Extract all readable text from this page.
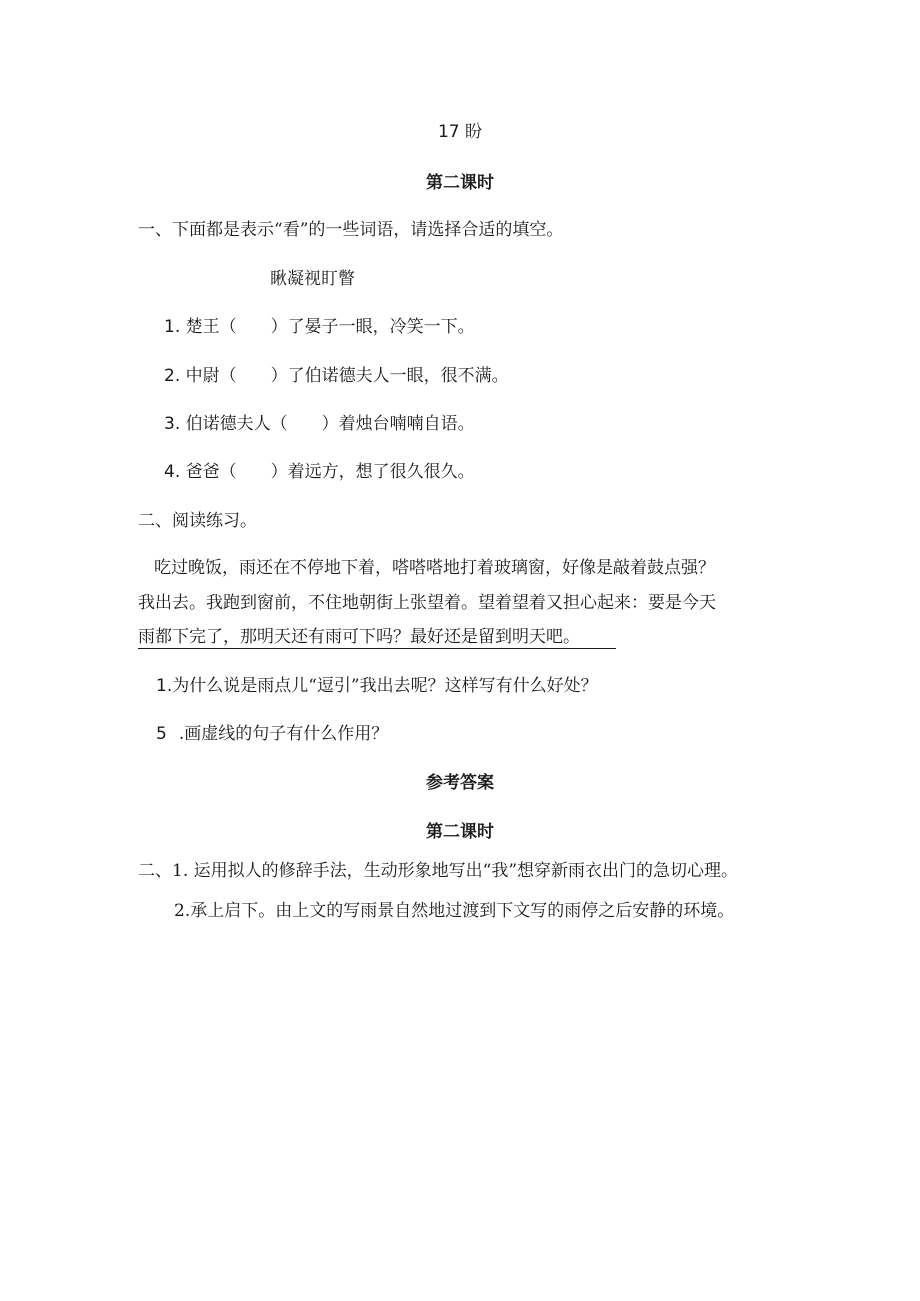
17 盼
第二课时
一、下面都是表示“看”的一些词语，请选择合适的填空。
瞅凝视盯瞥
1. 楚王（　　）了晏子一眼，冷笑一下。
2. 中尉（　　）了伯诺德夫人一眼，很不满。
3. 伯诺德夫人（　　）着烛台喃喃自语。
4. 爸爸（　　）着远方，想了很久很久。
二、阅读练习。
吃过晚饭，雨还在不停地下着，嗒嗒嗒地打着玻璃窗，好像是敲着鼓点强？
我出去。我跑到窗前，不住地朝街上张望着。望着望着又担心起来：要是今天
雨都下完了，那明天还有雨可下吗？最好还是留到明天吧。
1.为什么说是雨点儿“逗引”我出去呢？这样写有什么好处？
5 .画虚线的句子有什么作用？
参考答案
第二课时
二、1. 运用拟人的修辞手法，生动形象地写出“我”想穿新雨衣出门的急切心理。
2.承上启下。由上文的写雨景自然地过渡到下文写的雨停之后安静的环境。
